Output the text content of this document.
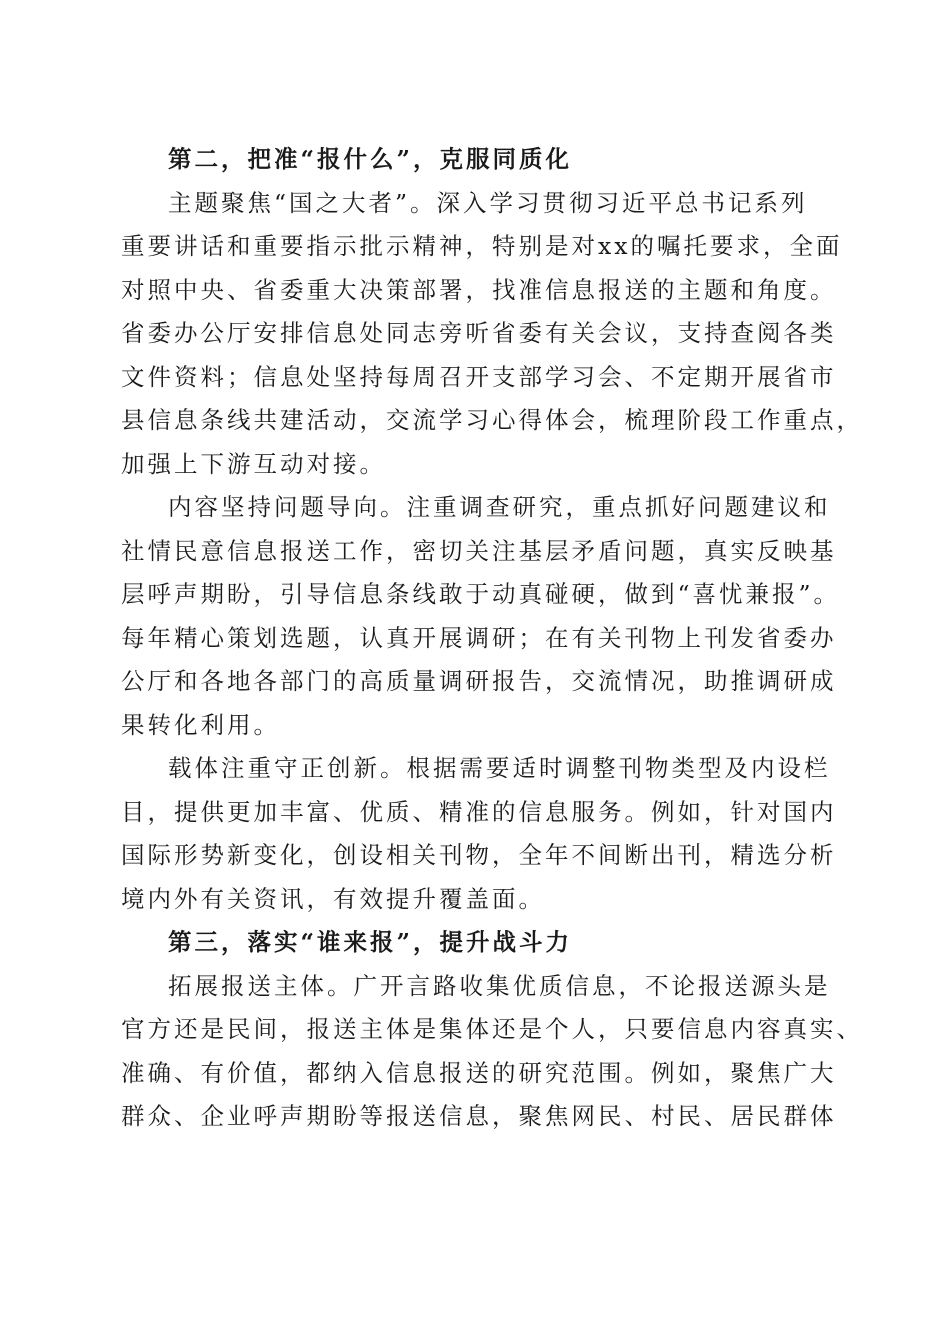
第二，把准“报什么”，克服同质化

主题聚焦“国之大者”。深入学习贯彻习近平总书记系列
重要讲话和重要指示批示精神，特别是对xx的嘱托要求，全面
对照中央、省委重大决策部署，找准信息报送的主题和角度。
省委办公厅安排信息处同志旁听省委有关会议，支持查阅各类
文件资料；信息处坚持每周召开支部学习会、不定期开展省市
县信息条线共建活动，交流学习心得体会，梳理阶段工作重点，
加强上下游互动对接。

内容坚持问题导向。注重调查研究，重点抓好问题建议和
社情民意信息报送工作，密切关注基层矛盾问题，真实反映基
层呼声期盼，引导信息条线敢于动真碰硬，做到“喜忧兼报”。
每年精心策划选题，认真开展调研；在有关刊物上刊发省委办
公厅和各地各部门的高质量调研报告，交流情况，助推调研成
果转化利用。

载体注重守正创新。根据需要适时调整刊物类型及内设栏
目，提供更加丰富、优质、精准的信息服务。例如，针对国内
国际形势新变化，创设相关刊物，全年不间断出刊，精选分析
境内外有关资讯，有效提升覆盖面。

第三，落实“谁来报”，提升战斗力

拓展报送主体。广开言路收集优质信息，不论报送源头是
官方还是民间，报送主体是集体还是个人，只要信息内容真实、
准确、有价值，都纳入信息报送的研究范围。例如，聚焦广大
群众、企业呼声期盼等报送信息，聚焦网民、村民、居民群体
